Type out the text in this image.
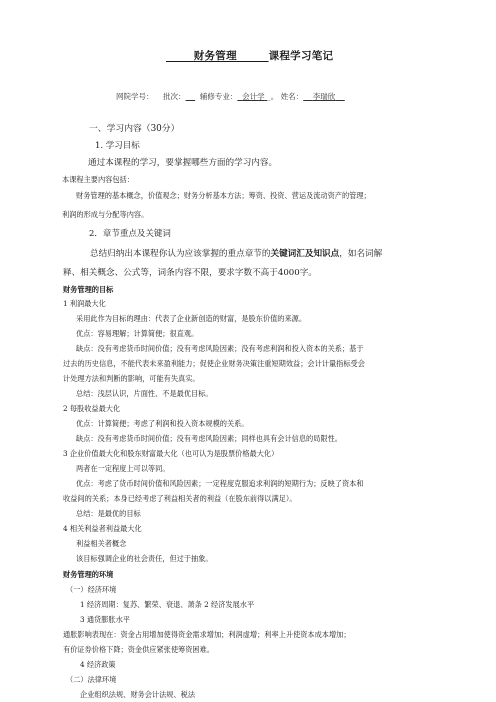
财务管理	课程学习笔记
网院学号： 批次： 辅修专业： 会计学 _。 姓名： 李瑞欣
一、学习内容（30分）
1. 学习目标
通过本课程的学习，要掌握哪些方面的学习内容。
本课程主要内容包括：
财务管理的基本概念，价值观念；财务分析基本方法；筹资、投资、营运及流动资产的管理；
利润的形成与分配等内容。
2．章节重点及关键词
总结归纳出本课程你认为应该掌握的重点章节的关键词汇及知识点，如名词解
释、相关概念、公式等，词条内容不限，要求字数不高于4000字。
财务管理的目标
1 利润最大化
采用此作为目标的理由：代表了企业新创造的财富，是股东价值的来源。
优点：容易理解；计算简便；很直观。
缺点：没有考虑货币时间价值；没有考虑风险因素；没有考虑利润和投入资本的关系；基于
过去的历史信息，不能代表未来盈利能力；促使企业财务决策注重短期效益；会计计量指标受会
计处理方法和判断的影响，可能有失真实。
总结：浅层认识，片面性、不是最优目标。
2 每股收益最大化
优点：计算简便；考虑了利润和投入资本规模的关系。
缺点：没有考虑货币时间价值；没有考虑风险因素；同样也具有会计信息的局限性。
3 企业价值最大化和股东财富最大化（也可认为是股票价格最大化）
两者在一定程度上可以等同。
优点：考虑了货币时间价值和风险因素；一定程度克服追求利润的短期行为；反映了资本和
收益间的关系；本身已经考虑了利益相关者的利益（在股东前得以满足）。
总结：是最优的目标
4 相关利益者利益最大化
利益相关者概念
该目标强调企业的社会责任，但过于抽象。
财务管理的环境
（一）经济环境
1 经济周期：复苏、繁荣、衰退、萧条 2 经济发展水平
3 通货膨胀水平
通胀影响表现在：资金占用增加使得资金需求增加；利润虚增；利率上升使资本成本增加；
有价证券价格下降；资金供应紧张使筹资困难。
4 经济政策
（二）法律环境
企业组织法规、财务会计法规、税法
